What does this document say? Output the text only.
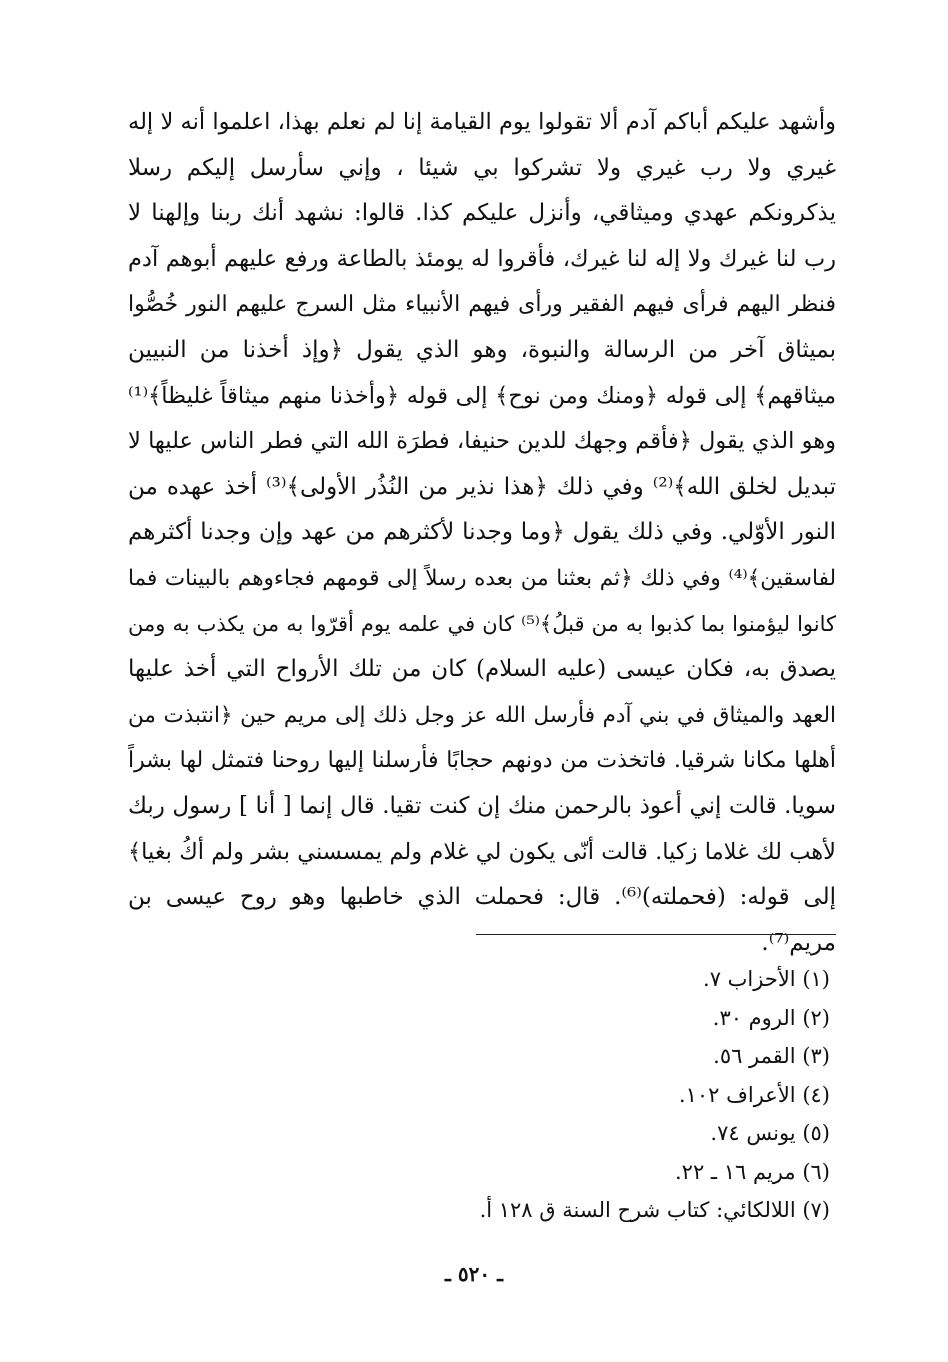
وأشهد عليكم أباكم آدم ألا تقولوا يوم القيامة إنا لم نعلم بهذا، اعلموا أنه لا إله
غيري ولا رب غيري ولا تشركوا بي شيئا ، وإني سأرسل إليكم رسلا
يذكرونكم عهدي وميثاقي، وأنزل عليكم كذا. قالوا: نشهد أنك ربنا وإلهنا لا
رب لنا غيرك ولا إله لنا غيرك، فأقروا له يومئذ بالطاعة ورفع عليهم أبوهم آدم
فنظر اليهم فرأى فيهم الفقير ورأى فيهم الأنبياء مثل السرج عليهم النور خُصُّوا
بميثاق آخر من الرسالة والنبوة، وهو الذي يقول ﴿وإذ أخذنا من النبيين
ميثاقهم﴾ إلى قوله ﴿ومنك ومن نوح﴾ إلى قوله ﴿وأخذنا منهم ميثاقاً غليظاً﴾⁽¹⁾
وهو الذي يقول ﴿فأقم وجهك للدين حنيفا، فطرَة الله التي فطر الناس عليها لا
تبديل لخلق الله﴾⁽²⁾ وفي ذلك ﴿هذا نذير من النُذُر الأولى﴾⁽³⁾ أخذ عهده من
النور الأوّلي. وفي ذلك يقول ﴿وما وجدنا لأكثرهم من عهد وإن وجدنا أكثرهم
لفاسقين﴾⁽⁴⁾ وفي ذلك ﴿ثم بعثنا من بعده رسلاً إلى قومهم فجاءوهم بالبينات فما
كانوا ليؤمنوا بما كذبوا به من قبلُ﴾⁽⁵⁾ كان في علمه يوم أقرّوا به من يكذب به ومن
يصدق به، فكان عيسى (عليه السلام) كان من تلك الأرواح التي أخذ عليها
العهد والميثاق في بني آدم فأرسل الله عز وجل ذلك إلى مريم حين ﴿انتبذت من
أهلها مكانا شرقيا. فاتخذت من دونهم حجابًا فأرسلنا إليها روحنا فتمثل لها بشراً
سويا. قالت إني أعوذ بالرحمن منك إن كنت تقيا. قال إنما [ أنا ] رسول ربك
لأهب لك غلاما زكيا. قالت أنّى يكون لي غلام ولم يمسسني بشر ولم أكُ بغيا﴾
إلى قوله: (فحملته)⁽⁶⁾. قال: فحملت الذي خاطبها وهو روح عيسى بن
مريم⁽⁷⁾.
(١) الأحزاب ٧.
(٢) الروم ٣٠.
(٣) القمر ٥٦.
(٤) الأعراف ١٠٢.
(٥) يونس ٧٤.
(٦) مريم ١٦ ـ ٢٢.
(٧) اللالكائي: كتاب شرح السنة ق ١٢٨ أ.
ـ ٥٢٠ ـ
